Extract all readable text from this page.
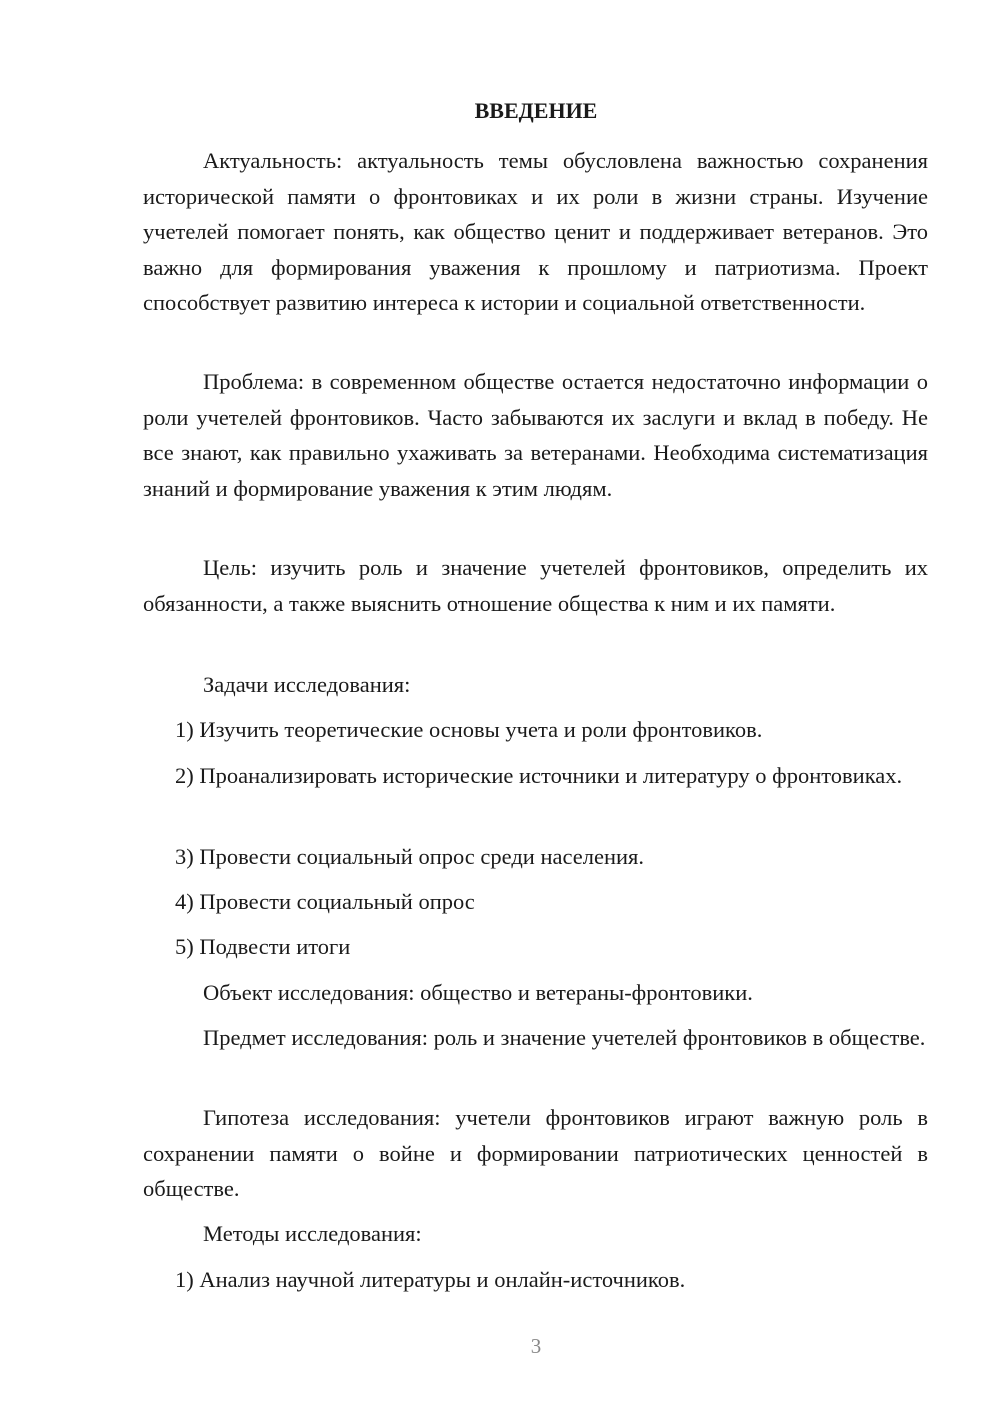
ВВЕДЕНИЕ
Актуальность: актуальность темы обусловлена важностью сохранения исторической памяти о фронтовиках и их роли в жизни страны. Изучение учетелей помогает понять, как общество ценит и поддерживает ветеранов. Это важно для формирования уважения к прошлому и патриотизма. Проект способствует развитию интереса к истории и социальной ответственности.
Проблема: в современном обществе остается недостаточно информации о роли учетелей фронтовиков. Часто забываются их заслуги и вклад в победу. Не все знают, как правильно ухаживать за ветеранами. Необходима систематизация знаний и формирование уважения к этим людям.
Цель: изучить роль и значение учетелей фронтовиков, определить их обязанности, а также выяснить отношение общества к ним и их памяти.
Задачи исследования:
1) Изучить теоретические основы учета и роли фронтовиков.
2) Проанализировать исторические источники и литературу о фронтовиках.
3) Провести социальный опрос среди населения.
4) Провести социальный опрос
5) Подвести итоги
Объект исследования: общество и ветераны-фронтовики.
Предмет исследования: роль и значение учетелей фронтовиков в обществе.
Гипотеза исследования: учетели фронтовиков играют важную роль в сохранении памяти о войне и формировании патриотических ценностей в обществе.
Методы исследования:
1) Анализ научной литературы и онлайн-источников.
3
